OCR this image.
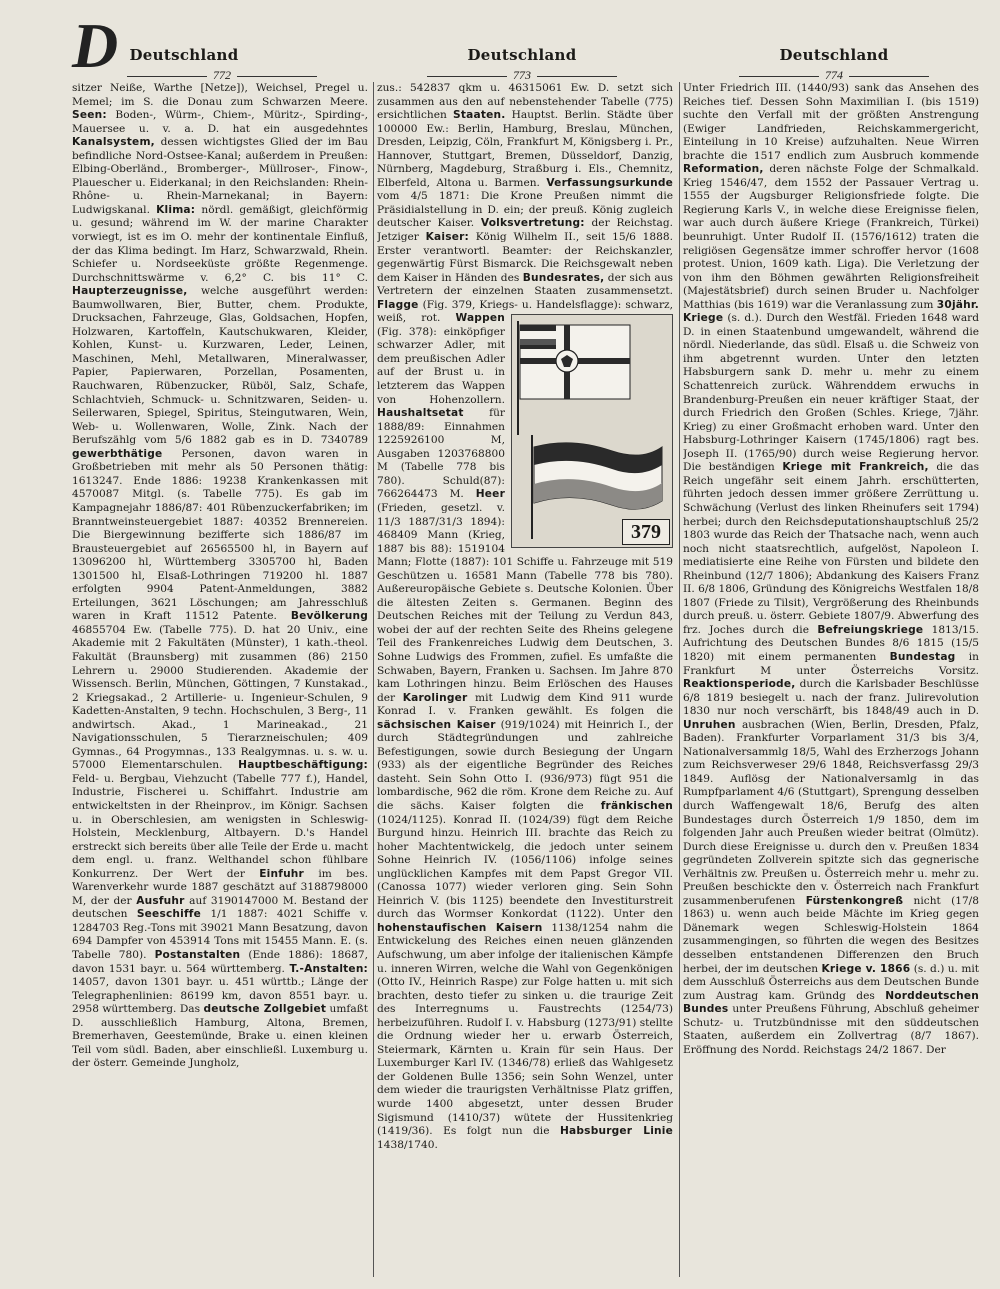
D Deutschland	Deutschland	Deutschland
772	773	774

sitzer Neiße, Warthe [Netze]), Weichsel, Pregel u. Memel; im S. die Donau zum Schwarzen Meere. Seen: Boden-, Würm-, Chiem-, Müritz-, Spirding-, Mauersee u. v. a. D. hat ein ausgedehntes Kanalsystem, dessen wichtigstes Glied der im Bau befindliche Nord-Ostsee-Kanal; außerdem in Preußen: Elbing-Oberländ., Bromberger-, Müllroser-, Finow-, Plauescher u. Eiderkanal; in den Reichslanden: Rhein-Rhône- u. Rhein-Marnekanal; in Bayern: Ludwigskanal. Klima: nördl. gemäßigt, gleichförmig u. gesund; während im W. der marine Charakter vorwiegt, ist es im O. mehr der kontinentale Einfluß, der das Klima bedingt. Im Harz, Schwarzwald, Rhein. Schiefer u. Nordseeküste größte Regenmenge. Durchschnittswärme v. 6,2° C. bis 11° C. Haupterzeugnisse, welche ausgeführt werden: Baumwollwaren, Bier, Butter, chem. Produkte, Drucksachen, Fahrzeuge, Glas, Goldsachen, Hopfen, Holzwaren, Kartoffeln, Kautschukwaren, Kleider, Kohlen, Kunst- u. Kurzwaren, Leder, Leinen, Maschinen, Mehl, Metallwaren, Mineralwasser, Papier, Papierwaren, Porzellan, Posamenten, Rauchwaren, Rübenzucker, Rüböl, Salz, Schafe, Schlachtvieh, Schmuck- u. Schnitzwaren, Seiden- u. Seilerwaren, Spiegel, Spiritus, Steingutwaren, Wein, Web- u. Wollenwaren, Wolle, Zink. Nach der Berufszählg vom 5/6 1882 gab es in D. 7340789 gewerbthätige Personen, davon waren in Großbetrieben mit mehr als 50 Personen thätig: 1613247. Ende 1886: 19238 Krankenkassen mit 4570087 Mitgl. (s. Tabelle 775). Es gab im Kampagnejahr 1886/87: 401 Rübenzuckerfabriken; im Branntweinsteuergebiet 1887: 40352 Brennereien. Die Biergewinnung bezifferte sich 1886/87 im Brausteuergebiet auf 26565500 hl, in Bayern auf 13096200 hl, Württemberg 3305700 hl, Baden 1301500 hl, Elsaß-Lothringen 719200 hl. 1887 erfolgten 9904 Patent-Anmeldungen, 3882 Erteilungen, 3621 Löschungen; am Jahresschluß waren in Kraft 11512 Patente. Bevölkerung 46855704 Ew. (Tabelle 775). D. hat 20 Univ., eine Akademie mit 2 Fakultäten (Münster), 1 kath.-theol. Fakultät (Braunsberg) mit zusammen (86) 2150 Lehrern u. 29000 Studierenden. Akademie der Wissensch. Berlin, München, Göttingen, 7 Kunstakad., 2 Kriegsakad., 2 Artillerie- u. Ingenieur-Schulen, 9 Kadetten-Anstalten, 9 techn. Hochschulen, 3 Berg-, 11 andwirtsch. Akad., 1 Marineakad., 21 Navigationsschulen, 5 Tierarzneischulen; 409 Gymnas., 64 Progymnas., 133 Realgymnas. u. s. w. u. 57000 Elementarschulen. Hauptbeschäftigung: Feld- u. Bergbau, Viehzucht (Tabelle 777 f.), Handel, Industrie, Fischerei u. Schiffahrt. Industrie am entwickeltsten in der Rheinprov., im Königr. Sachsen u. in Oberschlesien, am wenigsten in Schleswig-Holstein, Mecklenburg, Altbayern. D.'s Handel erstreckt sich bereits über alle Teile der Erde u. macht dem engl. u. franz. Welthandel schon fühlbare Konkurrenz. Der Wert der Einfuhr im bes. Warenverkehr wurde 1887 geschätzt auf 3188798000 M, der der Ausfuhr auf 3190147000 M. Bestand der deutschen Seeschiffe 1/1 1887: 4021 Schiffe v. 1284703 Reg.-Tons mit 39021 Mann Besatzung, davon 694 Dampfer von 453914 Tons mit 15455 Mann. E. (s. Tabelle 780). Postanstalten (Ende 1886): 18687, davon 1531 bayr. u. 564 württemberg. T.-Anstalten: 14057, davon 1301 bayr. u. 451 württb.; Länge der Telegraphenlinien: 86199 km, davon 8551 bayr. u. 2958 württemberg. Das deutsche Zollgebiet umfaßt D. ausschließlich Hamburg, Altona, Bremen, Bremerhaven, Geestemünde, Brake u. einen kleinen Teil vom südl. Baden, aber einschließl. Luxemburg u. der österr. Gemeinde Jungholz,

zus.: 542837 qkm u. 46315061 Ew. D. setzt sich zusammen aus den auf nebenstehender Tabelle (775) ersichtlichen Staaten. Hauptst. Berlin. Städte über 100000 Ew.: Berlin, Hamburg, Breslau, München, Dresden, Leipzig, Cöln, Frankfurt M, Königsberg i. Pr., Hannover, Stuttgart, Bremen, Düsseldorf, Danzig, Nürnberg, Magdeburg, Straßburg i. Els., Chemnitz, Elberfeld, Altona u. Barmen. Verfassungsurkunde vom 4/5 1871: Die Krone Preußen nimmt die Präsidialstellung in D. ein; der preuß. König zugleich deutscher Kaiser. Volksvertretung: der Reichstag. Jetziger Kaiser: König Wilhelm II., seit 15/6 1888. Erster verantwortl. Beamter: der Reichskanzler, gegenwärtig Fürst Bismarck. Die Reichsgewalt neben dem Kaiser in Händen des Bundesrates, der sich aus Vertretern der einzelnen Staaten zusammensetzt. Flagge (Fig. 379, Kriegs- u. Handelsflagge): schwarz, weiß, rot. Wappen
379
(Fig. 378): einköpfiger schwarzer Adler, mit dem preußischen Adler auf der Brust u. in letzterem das Wappen von Hohenzollern. Haushaltsetat für 1888/89: Einnahmen 1225926100 M, Ausgaben 1203768800 M (Tabelle 778 bis 780). Schuld(87): 766264473 M. Heer (Frieden, gesetzl. v. 11/3 1887/31/3 1894): 468409 Mann (Krieg, 1887 bis 88): 1519104 Mann; Flotte (1887): 101 Schiffe u. Fahrzeuge mit 519 Geschützen u. 16581 Mann (Tabelle 778 bis 780). Außereuropäische Gebiete s. Deutsche Kolonien. Über die ältesten Zeiten s. Germanen. Beginn des Deutschen Reiches mit der Teilung zu Verdun 843, wobei der auf der rechten Seite des Rheins gelegene Teil des Frankenreiches Ludwig dem Deutschen, 3. Sohne Ludwigs des Frommen, zufiel. Es umfaßte die Schwaben, Bayern, Franken u. Sachsen. Im Jahre 870 kam Lothringen hinzu. Beim Erlöschen des Hauses der Karolinger mit Ludwig dem Kind 911 wurde Konrad I. v. Franken gewählt. Es folgen die sächsischen Kaiser (919/1024) mit Heinrich I., der durch Städtegründungen und zahlreiche Befestigungen, sowie durch Besiegung der Ungarn (933) als der eigentliche Begründer des Reiches dasteht. Sein Sohn Otto I. (936/973) fügt 951 die lombardische, 962 die röm. Krone dem Reiche zu. Auf die sächs. Kaiser folgten die fränkischen (1024/1125). Konrad II. (1024/39) fügt dem Reiche Burgund hinzu. Heinrich III. brachte das Reich zu hoher Machtentwickelg, die jedoch unter seinem Sohne Heinrich IV. (1056/1106) infolge seines unglücklichen Kampfes mit dem Papst Gregor VII. (Canossa 1077) wieder verloren ging. Sein Sohn Heinrich V. (bis 1125) beendete den Investiturstreit durch das Wormser Konkordat (1122). Unter den hohenstaufischen Kaisern 1138/1254 nahm die Entwickelung des Reiches einen neuen glänzenden Aufschwung, um aber infolge der italienischen Kämpfe u. inneren Wirren, welche die Wahl von Gegenkönigen (Otto IV., Heinrich Raspe) zur Folge hatten u. mit sich brachten, desto tiefer zu sinken u. die traurige Zeit des Interregnums u. Faustrechts (1254/73) herbeizuführen. Rudolf I. v. Habsburg (1273/91) stellte die Ordnung wieder her u. erwarb Österreich, Steiermark, Kärnten u. Krain für sein Haus. Der Luxemburger Karl IV. (1346/78) erließ das Wahlgesetz der Goldenen Bulle 1356; sein Sohn Wenzel, unter dem wieder die traurigsten Verhältnisse Platz griffen, wurde 1400 abgesetzt, unter dessen Bruder Sigismund (1410/37) wütete der Hussitenkrieg (1419/36). Es folgt nun die Habsburger Linie 1438/1740.

Unter Friedrich III. (1440/93) sank das Ansehen des Reiches tief. Dessen Sohn Maximilian I. (bis 1519) suchte den Verfall mit der größten Anstrengung (Ewiger Landfrieden, Reichskammergericht, Einteilung in 10 Kreise) aufzuhalten. Neue Wirren brachte die 1517 endlich zum Ausbruch kommende Reformation, deren nächste Folge der Schmalkald. Krieg 1546/47, dem 1552 der Passauer Vertrag u. 1555 der Augsburger Religionsfriede folgte. Die Regierung Karls V., in welche diese Ereignisse fielen, war auch durch äußere Kriege (Frankreich, Türkei) beunruhigt. Unter Rudolf II. (1576/1612) traten die religiösen Gegensätze immer schroffer hervor (1608 protest. Union, 1609 kath. Liga). Die Verletzung der von ihm den Böhmen gewährten Religionsfreiheit (Majestätsbrief) durch seinen Bruder u. Nachfolger Matthias (bis 1619) war die Veranlassung zum 30jähr. Kriege (s. d.). Durch den Westfäl. Frieden 1648 ward D. in einen Staatenbund umgewandelt, während die nördl. Niederlande, das südl. Elsaß u. die Schweiz von ihm abgetrennt wurden. Unter den letzten Habsburgern sank D. mehr u. mehr zu einem Schattenreich zurück. Währenddem erwuchs in Brandenburg-Preußen ein neuer kräftiger Staat, der durch Friedrich den Großen (Schles. Kriege, 7jähr. Krieg) zu einer Großmacht erhoben ward. Unter den Habsburg-Lothringer Kaisern (1745/1806) ragt bes. Joseph II. (1765/90) durch weise Regierung hervor. Die beständigen Kriege mit Frankreich, die das Reich ungefähr seit einem Jahrh. erschütterten, führten jedoch dessen immer größere Zerrüttung u. Schwächung (Verlust des linken Rheinufers seit 1794) herbei; durch den Reichsdeputationshauptschluß 25/2 1803 wurde das Reich der Thatsache nach, wenn auch noch nicht staatsrechtlich, aufgelöst, Napoleon I. mediatisierte eine Reihe von Fürsten und bildete den Rheinbund (12/7 1806); Abdankung des Kaisers Franz II. 6/8 1806, Gründung des Königreichs Westfalen 18/8 1807 (Friede zu Tilsit), Vergrößerung des Rheinbunds durch preuß. u. österr. Gebiete 1807/9. Abwerfung des frz. Joches durch die Befreiungskriege 1813/15. Aufrichtung des Deutschen Bundes 8/6 1815 (15/5 1820) mit einem permanenten Bundestag in Frankfurt M unter Österreichs Vorsitz. Reaktionsperiode, durch die Karlsbader Beschlüsse 6/8 1819 besiegelt u. nach der franz. Julirevolution 1830 nur noch verschärft, bis 1848/49 auch in D. Unruhen ausbrachen (Wien, Berlin, Dresden, Pfalz, Baden). Frankfurter Vorparlament 31/3 bis 3/4, Nationalversammlg 18/5, Wahl des Erzherzogs Johann zum Reichsverweser 29/6 1848, Reichsverfassg 29/3 1849. Auflösg der Nationalversamlg in das Rumpfparlament 4/6 (Stuttgart), Sprengung desselben durch Waffengewalt 18/6, Berufg des alten Bundestages durch Österreich 1/9 1850, dem im folgenden Jahr auch Preußen wieder beitrat (Olmütz). Durch diese Ereignisse u. durch den v. Preußen 1834 gegründeten Zollverein spitzte sich das gegnerische Verhältnis zw. Preußen u. Österreich mehr u. mehr zu. Preußen beschickte den v. Österreich nach Frankfurt zusammenberufenen Fürstenkongreß nicht (17/8 1863) u. wenn auch beide Mächte im Krieg gegen Dänemark wegen Schleswig-Holstein 1864 zusammengingen, so führten die wegen des Besitzes desselben entstandenen Differenzen den Bruch herbei, der im deutschen Kriege v. 1866 (s. d.) u. mit dem Ausschluß Österreichs aus dem Deutschen Bunde zum Austrag kam. Gründg des Norddeutschen Bundes unter Preußens Führung, Abschluß geheimer Schutz- u. Trutzbündnisse mit den süddeutschen Staaten, außerdem ein Zollvertrag (8/7 1867). Eröffnung des Nordd. Reichstags 24/2 1867. Der
